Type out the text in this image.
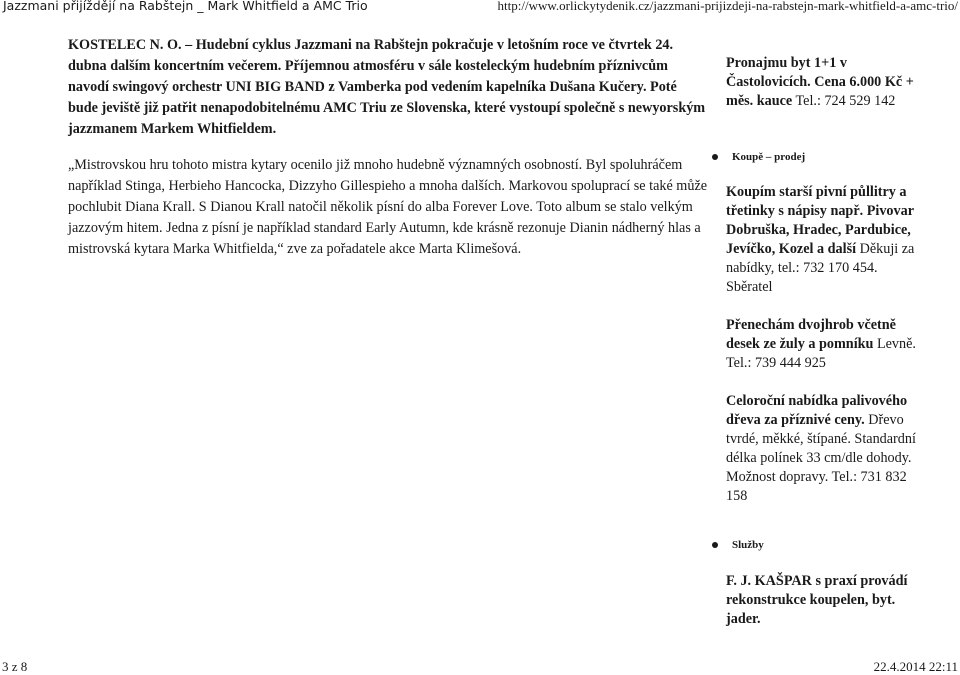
Jazzmani přijíždějí na Rabštejn _ Mark Whitfield a AMC Trio	http://www.orlickytydenik.cz/jazzmani-prijizdeji-na-rabstejn-mark-whitfield-a-amc-trio/

KOSTELEC N. O. – Hudební cyklus Jazzmani na Rabštejn pokračuje v letošním roce ve čtvrtek 24. dubna dalším koncertním večerem. Příjemnou atmosféru v sále kosteleckým hudebním příznivcům navodí swingový orchestr UNI BIG BAND z Vamberka pod vedením kapelníka Dušana Kučery. Poté bude jeviště již patřit nenapodobitelnému AMC Triu ze Slovenska, které vystoupí společně s newyorským jazzmanem Markem Whitfieldem.

„Mistrovskou hru tohoto mistra kytary ocenilo již mnoho hudebně významných osobností. Byl spoluhráčem například Stinga, Herbieho Hancocka, Dizzyho Gillespieho a mnoha dalších. Markovou spoluprací se také může pochlubit Diana Krall. S Dianou Krall natočil několik písní do alba Forever Love. Toto album se stalo velkým jazzovým hitem. Jedna z písní je například standard Early Autumn, kde krásně rezonuje Dianin nádherný hlas a mistrovská kytara Marka Whitfielda,“ zve za pořadatele akce Marta Klimešová.

Pronajmu byt 1+1 v Častolovicích. Cena 6.000 Kč + měs. kauce Tel.: 724 529 142

Koupě – prodej

Koupím starší pivní půllitry a třetinky s nápisy např. Pivovar Dobruška, Hradec, Pardubice, Jevíčko, Kozel a další Děkuji za nabídky, tel.: 732 170 454. Sběratel

Přenechám dvojhrob včetně desek ze žuly a pomníku Levně. Tel.: 739 444 925

Celoroční nabídka palivového dřeva za příznivé ceny. Dřevo tvrdé, měkké, štípané. Standardní délka polínek 33 cm/dle dohody. Možnost dopravy. Tel.: 731 832 158

Služby

F. J. KAŠPAR s praxí provádí rekonstrukce koupelen, byt. jader.

3 z 8	22.4.2014 22:11
